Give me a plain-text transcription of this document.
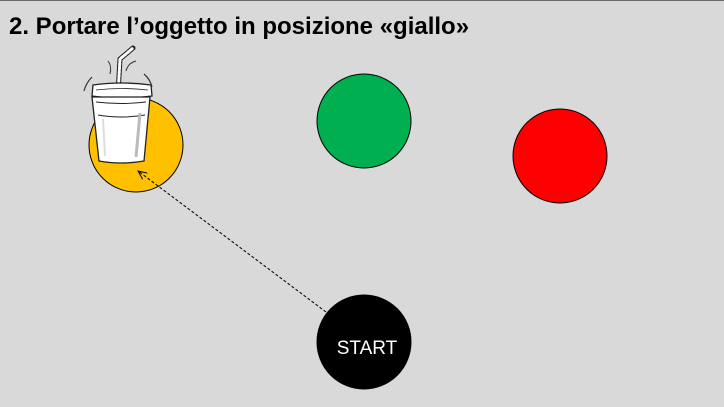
2. Portare l’oggetto in posizione «giallo»
START
